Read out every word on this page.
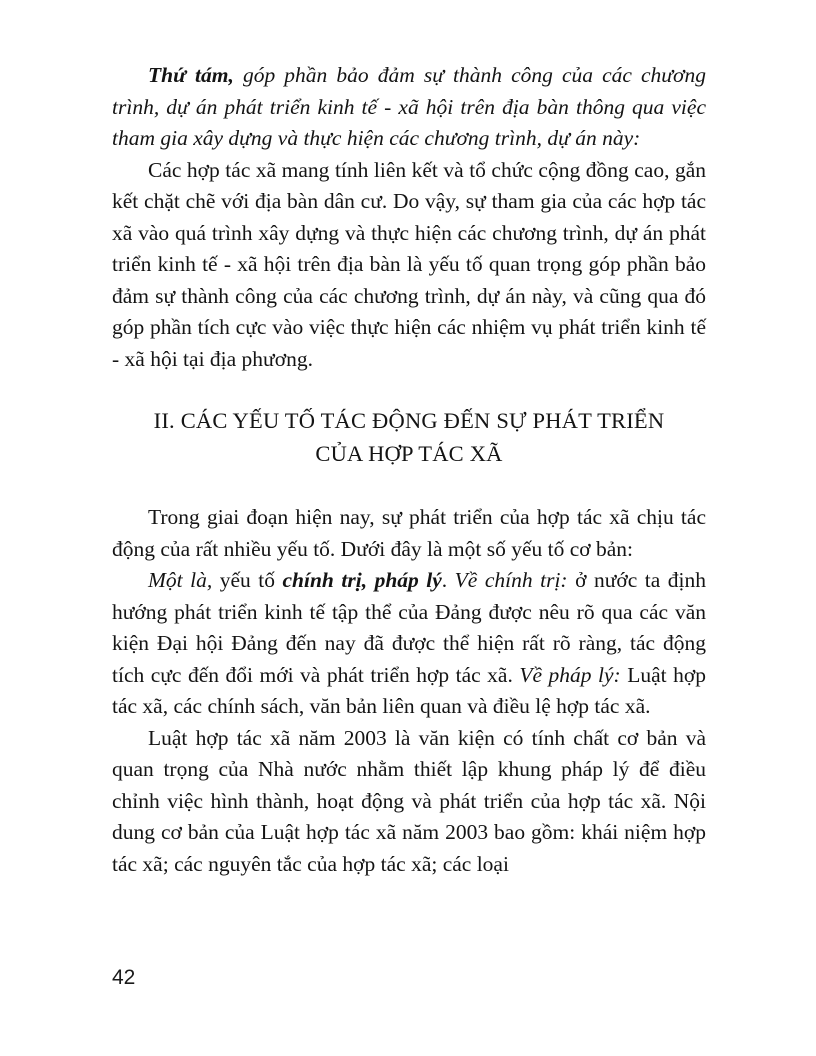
Thứ tám, góp phần bảo đảm sự thành công của các chương trình, dự án phát triển kinh tế - xã hội trên địa bàn thông qua việc tham gia xây dựng và thực hiện các chương trình, dự án này:

Các hợp tác xã mang tính liên kết và tổ chức cộng đồng cao, gắn kết chặt chẽ với địa bàn dân cư. Do vậy, sự tham gia của các hợp tác xã vào quá trình xây dựng và thực hiện các chương trình, dự án phát triển kinh tế - xã hội trên địa bàn là yếu tố quan trọng góp phần bảo đảm sự thành công của các chương trình, dự án này, và cũng qua đó góp phần tích cực vào việc thực hiện các nhiệm vụ phát triển kinh tế - xã hội tại địa phương.

II. CÁC YẾU TỐ TÁC ĐỘNG ĐẾN SỰ PHÁT TRIỂN
CỦA HỢP TÁC XÃ

Trong giai đoạn hiện nay, sự phát triển của hợp tác xã chịu tác động của rất nhiều yếu tố. Dưới đây là một số yếu tố cơ bản:

Một là, yếu tố chính trị, pháp lý. Về chính trị: ở nước ta định hướng phát triển kinh tế tập thể của Đảng được nêu rõ qua các văn kiện Đại hội Đảng đến nay đã được thể hiện rất rõ ràng, tác động tích cực đến đổi mới và phát triển hợp tác xã. Về pháp lý: Luật hợp tác xã, các chính sách, văn bản liên quan và điều lệ hợp tác xã.

Luật hợp tác xã năm 2003 là văn kiện có tính chất cơ bản và quan trọng của Nhà nước nhằm thiết lập khung pháp lý để điều chỉnh việc hình thành, hoạt động và phát triển của hợp tác xã. Nội dung cơ bản của Luật hợp tác xã năm 2003 bao gồm: khái niệm hợp tác xã; các nguyên tắc của hợp tác xã; các loại

42
